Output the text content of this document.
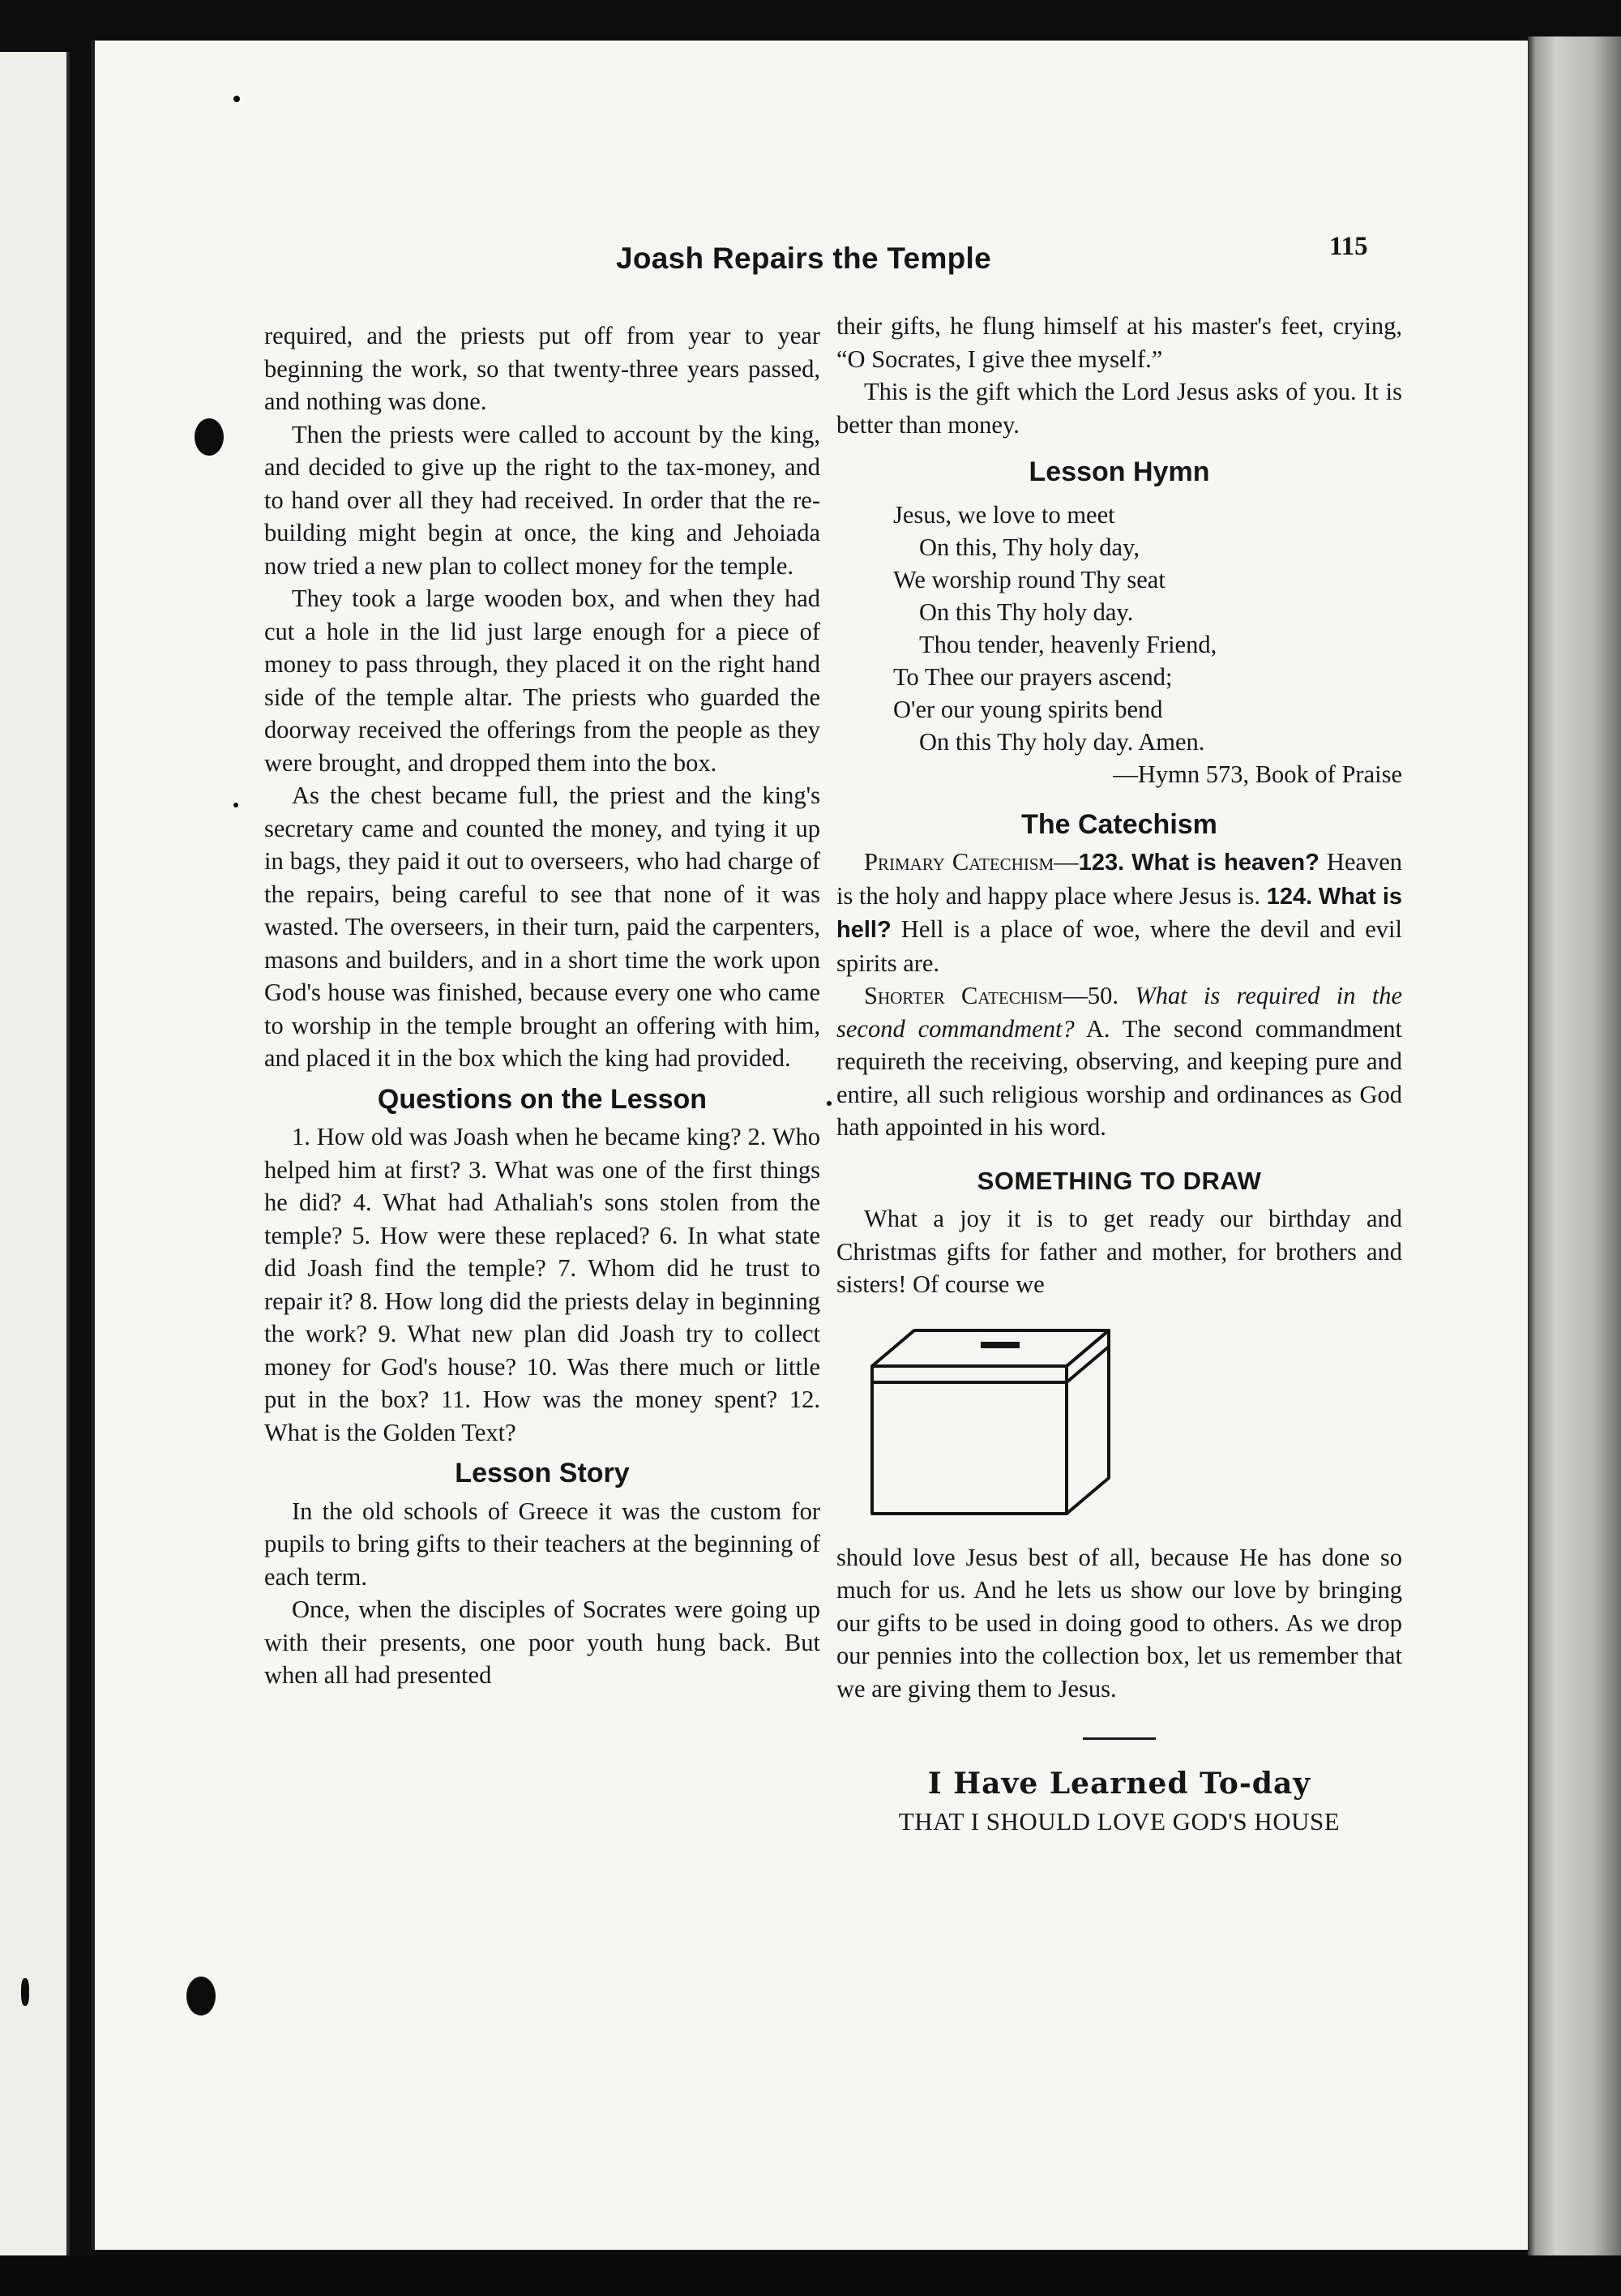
Joash Repairs the Temple	115

required, and the priests put off from year to year beginning the work, so that twenty-three years passed, and nothing was done.

Then the priests were called to account by the king, and decided to give up the right to the tax-money, and to hand over all they had received. In order that the re-building might begin at once, the king and Jehoiada now tried a new plan to collect money for the temple.

They took a large wooden box, and when they had cut a hole in the lid just large enough for a piece of money to pass through, they placed it on the right hand side of the temple altar. The priests who guarded the doorway received the offerings from the people as they were brought, and dropped them into the box.

As the chest became full, the priest and the king's secretary came and counted the money, and tying it up in bags, they paid it out to overseers, who had charge of the repairs, being careful to see that none of it was wasted. The overseers, in their turn, paid the carpenters, masons and builders, and in a short time the work upon God's house was finished, because every one who came to worship in the temple brought an offering with him, and placed it in the box which the king had provided.

Questions on the Lesson

1. How old was Joash when he became king? 2. Who helped him at first? 3. What was one of the first things he did? 4. What had Athaliah's sons stolen from the temple? 5. How were these replaced? 6. In what state did Joash find the temple? 7. Whom did he trust to repair it? 8. How long did the priests delay in beginning the work? 9. What new plan did Joash try to collect money for God's house? 10. Was there much or little put in the box? 11. How was the money spent? 12. What is the Golden Text?

Lesson Story

In the old schools of Greece it was the custom for pupils to bring gifts to their teachers at the beginning of each term.

Once, when the disciples of Socrates were going up with their presents, one poor youth hung back. But when all had presented

their gifts, he flung himself at his master's feet, crying, “O Socrates, I give thee myself.”

This is the gift which the Lord Jesus asks of you. It is better than money.

Lesson Hymn
Jesus, we love to meet
On this, Thy holy day,
We worship round Thy seat
On this Thy holy day.
Thou tender, heavenly Friend,
To Thee our prayers ascend;
O'er our young spirits bend
On this Thy holy day. Amen.
—Hymn 573, Book of Praise
The Catechism

Primary Catechism—123. What is heaven? Heaven is the holy and happy place where Jesus is. 124. What is hell? Hell is a place of woe, where the devil and evil spirits are.

Shorter Catechism—50. What is required in the second commandment? A. The second commandment requireth the receiving, observing, and keeping pure and entire, all such religious worship and ordinances as God hath appointed in his word.

SOMETHING TO DRAW

What a joy it is to get ready our birthday and Christmas gifts for father and mother, for brothers and sisters! Of course we

should love Jesus best of all, because He has done so much for us. And he lets us show our love by bringing our gifts to be used in doing good to others. As we drop our pennies into the collection box, let us remember that we are giving them to Jesus.

I Have Learned To-day
THAT I SHOULD LOVE GOD'S HOUSE
